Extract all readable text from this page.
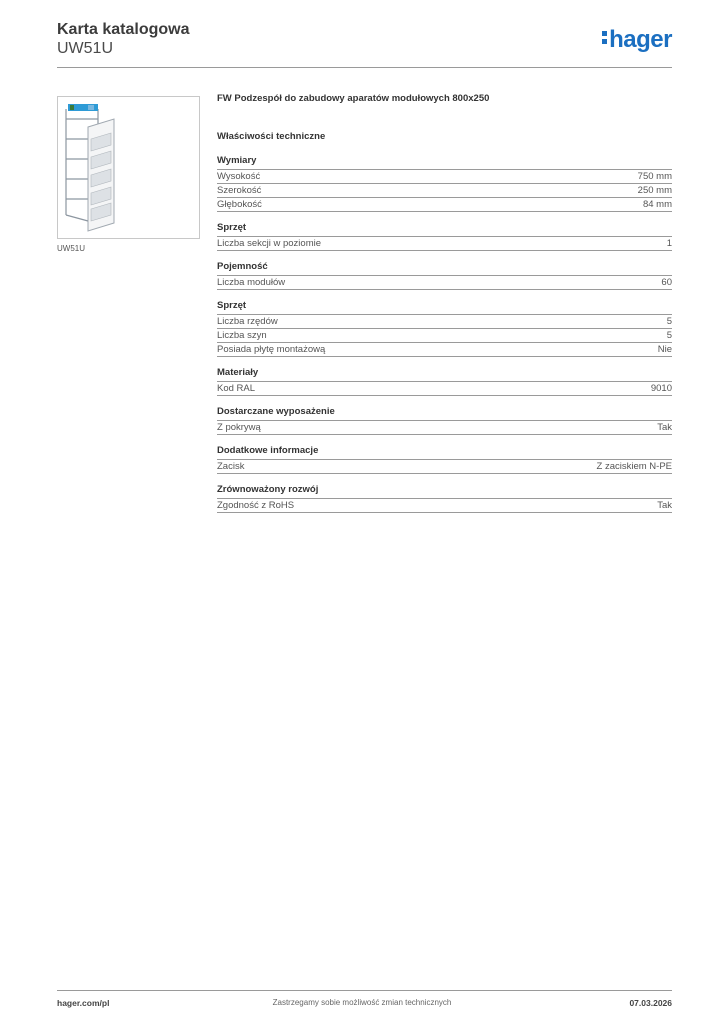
Karta katalogowa
UW51U	hager
UW51U
FW Podzespół do zabudowy aparatów modułowych 800x250
Właściwości techniczne
Wymiary
Wysokość	750 mm
Szerokość	250 mm
Głębokość	84 mm
Sprzęt
Liczba sekcji w poziomie	1
Pojemność
Liczba modułów	60
Sprzęt
Liczba rzędów	5
Liczba szyn	5
Posiada płytę montażową	Nie
Materiały
Kod RAL	9010
Dostarczane wyposażenie
Z pokrywą	Tak
Dodatkowe informacje
Zacisk	Z zaciskiem N-PE
Zrównoważony rozwój
Zgodność z RoHS	Tak
hager.com/pl	Zastrzegamy sobie możliwość zmian technicznych	07.03.2026
